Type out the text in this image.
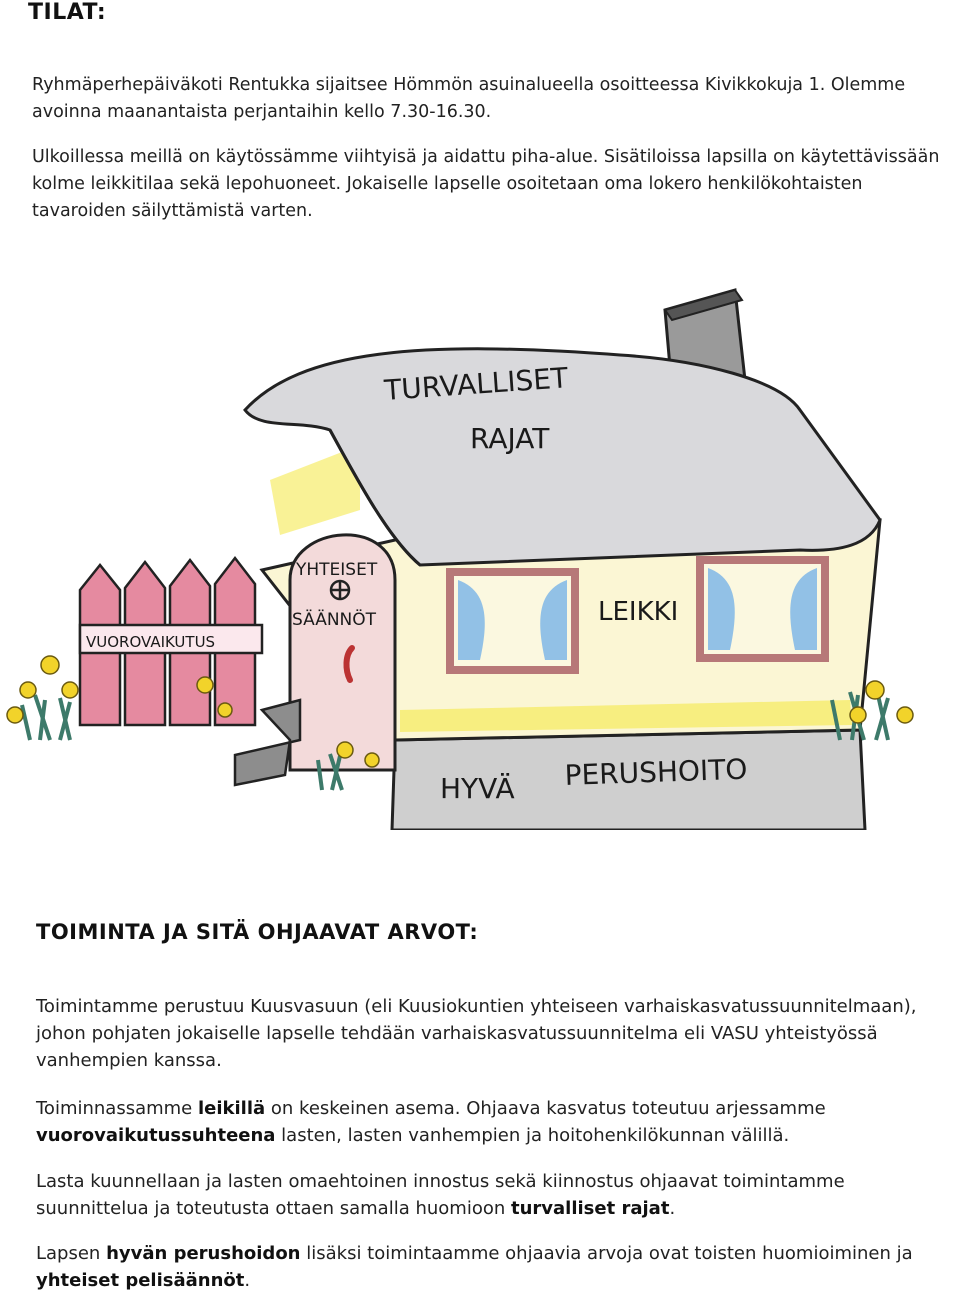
TILAT:

Ryhmäperhepäiväkoti Rentukka sijaitsee Hömmön asuinalueella osoitteessa Kivikkokuja 1. Olemme avoinna maanantaista perjantaihin kello 7.30-16.30.

Ulkoillessa meillä on käytössämme viihtyisä ja aidattu piha-alue. Sisätiloissa lapsilla on käytettävissään kolme leikkitilaa sekä lepohuoneet. Jokaiselle lapselle osoitetaan oma lokero henkilökohtaisten tavaroiden säilyttämistä varten.

TURVALLISET
RAJAT
VUOROVAIKUTUS
YHTEISET
SÄÄNNÖT	LEIKKI
HYVÄ PERUSHOITO
TOIMINTA JA SITÄ OHJAAVAT ARVOT:

Toimintamme perustuu Kuusvasuun (eli Kuusiokuntien yhteiseen varhaiskasvatussuunnitelmaan), johon pohjaten jokaiselle lapselle tehdään varhaiskasvatussuunnitelma eli VASU yhteistyössä vanhempien kanssa.

Toiminnassamme leikillä on keskeinen asema. Ohjaava kasvatus toteutuu arjessamme vuorovaikutussuhteena lasten, lasten vanhempien ja hoitohenkilökunnan välillä.

Lasta kuunnellaan ja lasten omaehtoinen innostus sekä kiinnostus ohjaavat toimintamme suunnittelua ja toteutusta ottaen samalla huomioon turvalliset rajat.

Lapsen hyvän perushoidon lisäksi toimintaamme ohjaavia arvoja ovat toisten huomioiminen ja yhteiset pelisäännöt.
